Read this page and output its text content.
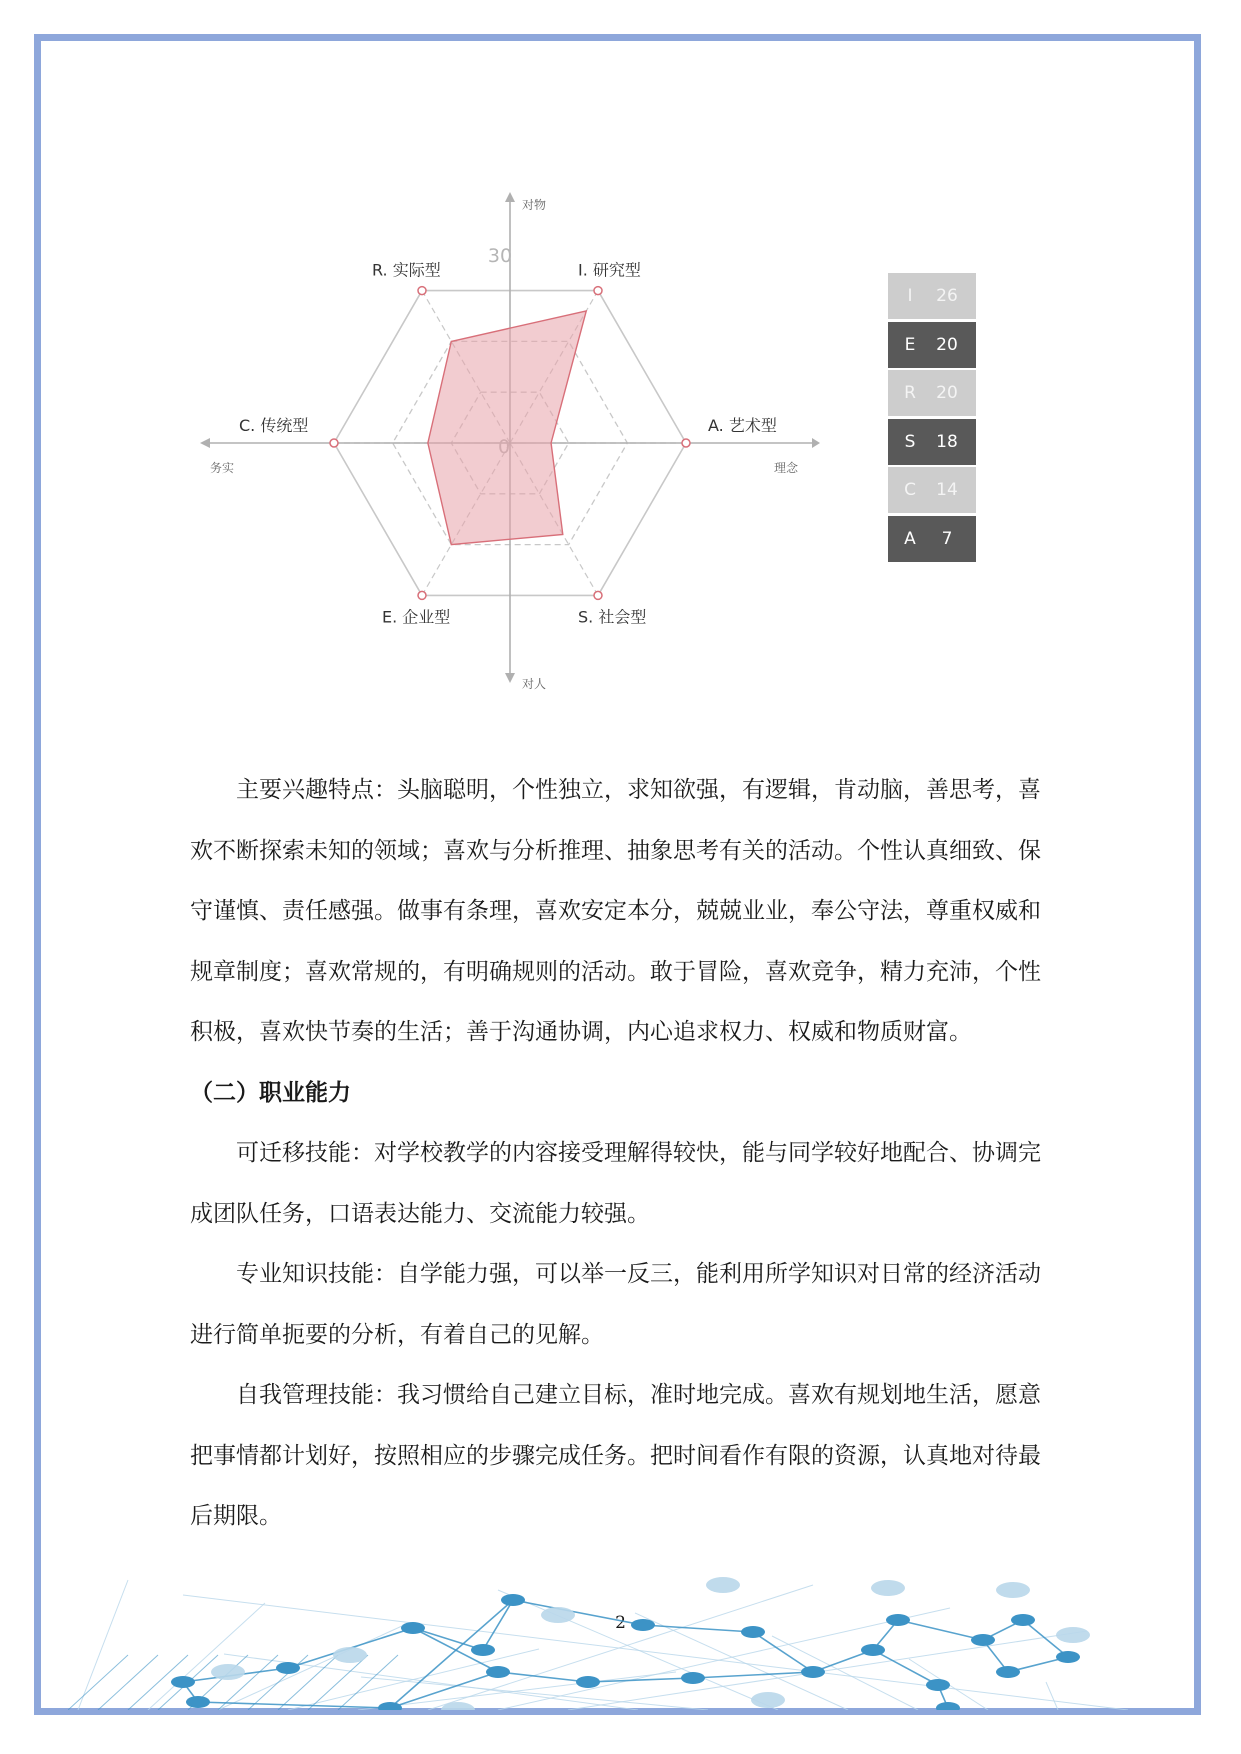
对物
对人
务实	理念
30
R. 实际型	I. 研究型
A. 艺术型
S. 社会型
E. 企业型
C. 传统型
I	26
E	20
R	20
S	18
C	14
A	7

主要兴趣特点：头脑聪明，个性独立，求知欲强，有逻辑，肯动脑，善思考，喜欢不断探索未知的领域；喜欢与分析推理、抽象思考有关的活动。个性认真细致、保守谨慎、责任感强。做事有条理，喜欢安定本分，兢兢业业，奉公守法，尊重权威和规章制度；喜欢常规的，有明确规则的活动。敢于冒险，喜欢竞争，精力充沛，个性积极，喜欢快节奏的生活；善于沟通协调，内心追求权力、权威和物质财富。

（二）职业能力

可迁移技能：对学校教学的内容接受理解得较快，能与同学较好地配合、协调完成团队任务，口语表达能力、交流能力较强。

专业知识技能：自学能力强，可以举一反三，能利用所学知识对日常的经济活动进行简单扼要的分析，有着自己的见解。

自我管理技能：我习惯给自己建立目标，准时地完成。喜欢有规划地生活，愿意把事情都计划好，按照相应的步骤完成任务。把时间看作有限的资源，认真地对待最后期限。

2
